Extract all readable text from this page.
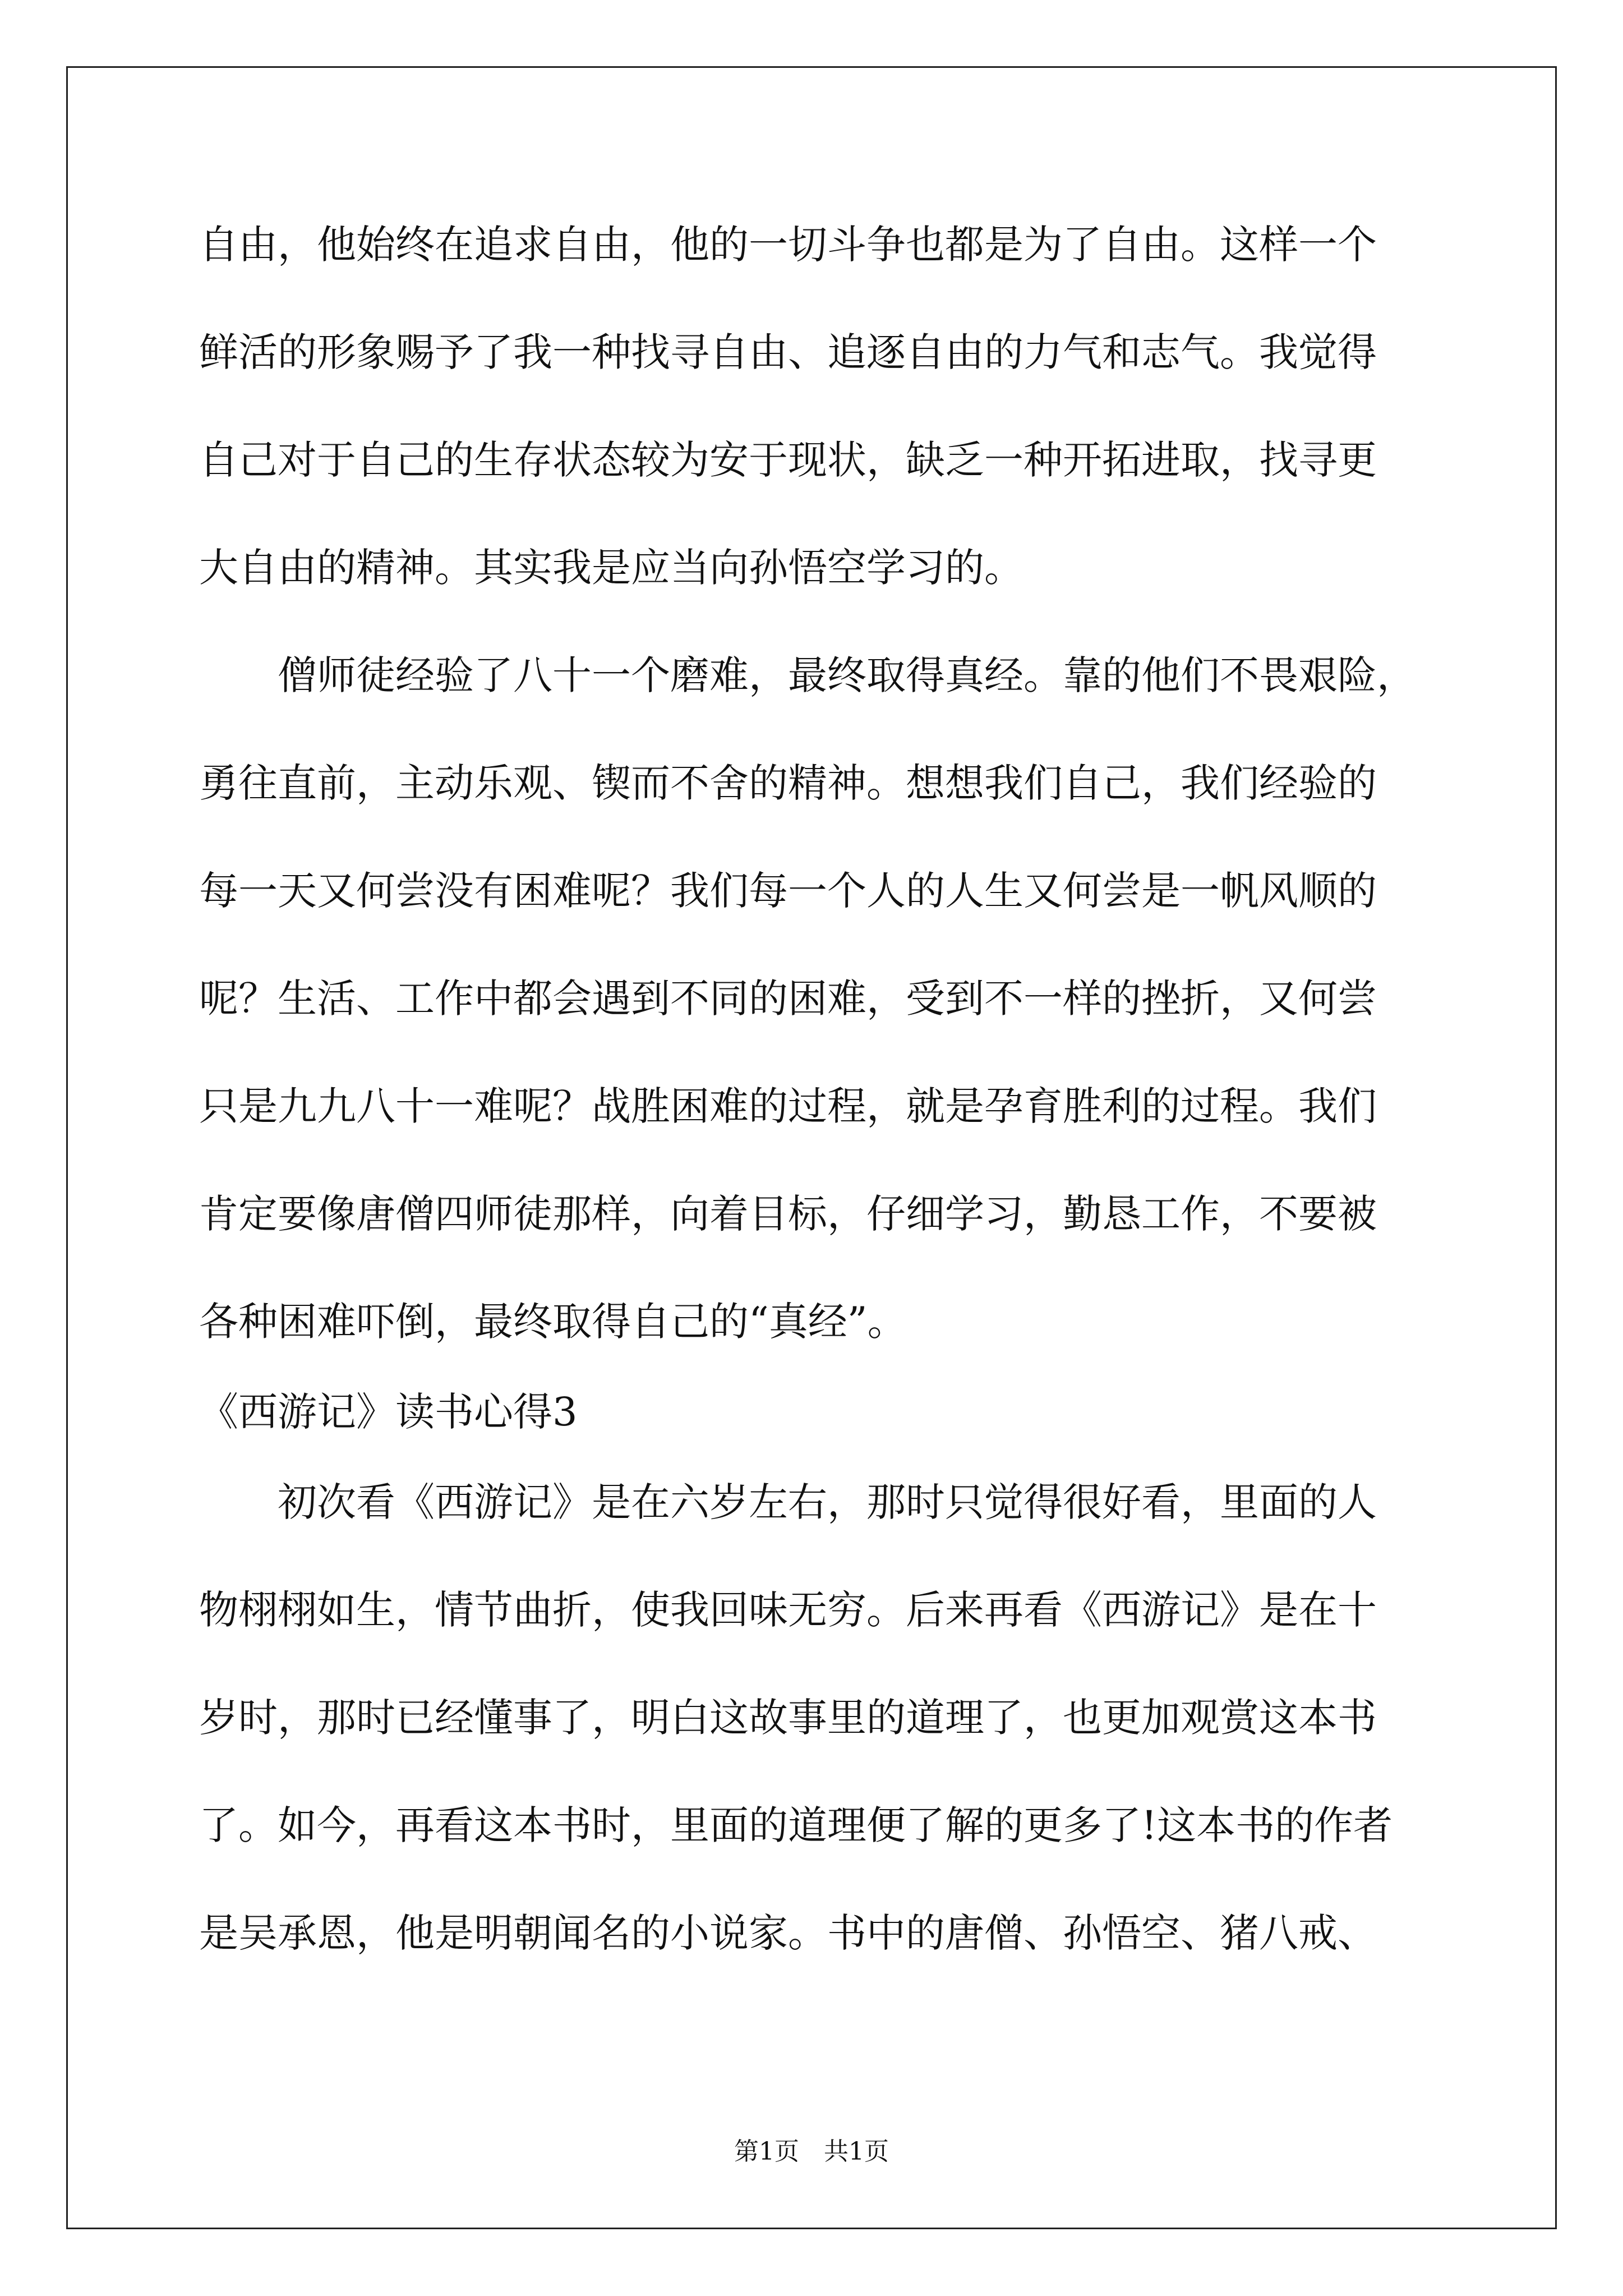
自由，他始终在追求自由，他的一切斗争也都是为了自由。这样一个
鲜活的形象赐予了我一种找寻自由、追逐自由的力气和志气。我觉得
自己对于自己的生存状态较为安于现状，缺乏一种开拓进取，找寻更
大自由的精神。其实我是应当向孙悟空学习的。
　　僧师徒经验了八十一个磨难，最终取得真经。靠的他们不畏艰险，
勇往直前，主动乐观、锲而不舍的精神。想想我们自己，我们经验的
每一天又何尝没有困难呢？我们每一个人的人生又何尝是一帆风顺的
呢？生活、工作中都会遇到不同的困难，受到不一样的挫折，又何尝
只是九九八十一难呢？战胜困难的过程，就是孕育胜利的过程。我们
肯定要像唐僧四师徒那样，向着目标，仔细学习，勤恳工作，不要被
各种困难吓倒，最终取得自己的“真经”。
《西游记》读书心得3
　　初次看《西游记》是在六岁左右，那时只觉得很好看，里面的人
物栩栩如生，情节曲折，使我回味无穷。后来再看《西游记》是在十
岁时，那时已经懂事了，明白这故事里的道理了，也更加观赏这本书
了。如今，再看这本书时，里面的道理便了解的更多了!这本书的作者
是吴承恩，他是明朝闻名的小说家。书中的唐僧、孙悟空、猪八戒、
第1页　共1页
